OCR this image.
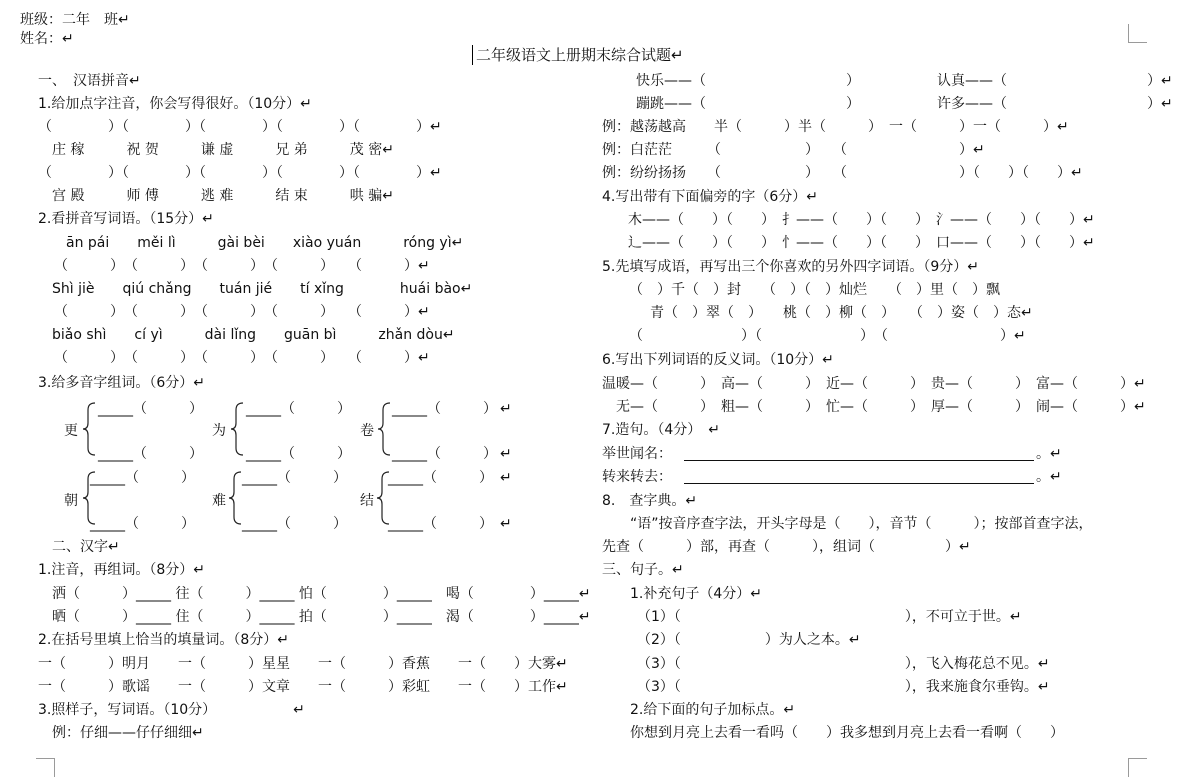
班级：二年　班↵
姓名：↵
二年级语文上册期末综合试题↵
一、　汉语拼音↵
1.给加点字注音，你会写得很好。（10分）↵
（　　　　）（　　　　）（　　　　）（　　　　）（　　　　）↵
　庄 稼　　　祝 贺　　　谦 虚　　　兄 弟　　　茂 密↵
（　　　　）（　　　　）（　　　　）（　　　　）（　　　　）↵
　宫 殿　　　师 傅　　　逃 难　　　结 束　　　哄 骗↵
2.看拼音写词语。（15分）↵
　　ān pái　　měi lì　　　gài bèi　　xiào yuán　　　róng yì↵
（　　　）　（　　　）　（　　　）　（　　　）　　（　　　）↵
　Shì jiè　　qiú chǎng　　tuán jié　　tí xǐng　　　　huái bào↵
（　　　）　（　　　）　（　　　）　（　　　）　　（　　　）↵
　biǎo shì　　cí yì　　　dài lǐng　　guān bì　　　zhǎn dòu↵
（　　　）　（　　　）　（　　　）　（　　　）　　（　　　）↵
3.给多音字组词。（6分）↵
更
_____（　　　）
_____（　　　）
为
_____（　　　）
_____（　　　）
卷
_____（　　　）
_____（　　　）
↵
↵
朝
_____（　　　）
_____（　　　）
难
_____（　　　）
_____（　　　）
结
_____（　　　）
_____（　　　）
↵
↵
　二、汉字↵
1.注音，再组词。（8分）↵
　洒（　　　）_____ 往（　　　）_____ 怕（　　　　）_____　喝（　　　　）_____↵
　晒（　　　）_____ 住（　　　）_____ 拍（　　　　）_____　渴（　　　　）_____↵
2.在括号里填上恰当的填量词。（8分）↵
一（　　　）明月　　一（　　　）星星　　一（　　　）香蕉　　一（　　）大雾↵
一（　　　）歌谣　　一（　　　）文章　　一（　　　）彩虹　　一（　　）工作↵
3.照样子，写词语。（10分）　　　　　　↵
　例：仔细——仔仔细细↵
快乐——（　　　　　　　　　　）　　　　　　认真——（　　　　　　　　　　）↵
蹦跳——（　　　　　　　　　　）　　　　　　许多——（　　　　　　　　　　）↵
例：越荡越高　　半（　　　）半（　　　）　一（　　　）一（　　　）↵
例：白茫茫　　　（　　　　　　）　　（　　　　　　　　）↵
例：纷纷扬扬　　（　　　　　　）　　（　　　　　　　　）（　　）（　　）↵
4.写出带有下面偏旁的字（6分）↵
　木——（　　）（　　）　扌——（　　）（　　）　氵——（　　）（　　）↵
　辶——（　　）（　　）　忄——（　　）（　　）　口——（　　）（　　）↵
5.先填写成语，再写出三个你喜欢的另外四字词语。（9分）↵
　（　）千（　）封　　（　）（　）灿烂　　（　）里（　）飘
　　青（　）翠（　）　　桃（　）柳（　）　　（　）姿（　）态↵
　（　　　　　　　）（　　　　　　　）　（　　　　　　　　）↵
6.写出下列词语的反义词。（10分）↵
温暖—（　　　）　高—（　　　）　近—（　　　）　贵—（　　　）　富—（　　　）↵
　无—（　　　）　粗—（　　　）　忙—（　　　）　厚—（　　　）　闹—（　　　）↵
7.造句。（4分）　↵
举世闻名：	。↵
转来转去：	。↵
8.　查字典。↵
　　“语”按音序查字法，开头字母是（　　），音节（　　　）；按部首查字法，
先查（　　　）部，再查（　　　），组词（　　　　　）↵
三、句子。↵
　　1.补充句子（4分）↵
　　　（1）（　　　　　　　　　　　　　　　　），不可立于世。↵
　　　（2）（　　　　　　）为人之本。↵
　　　（3）（　　　　　　　　　　　　　　　　），飞入梅花总不见。↵
　　　（3）（　　　　　　　　　　　　　　　　），我来施食尔垂钩。↵
　　2.给下面的句子加标点。↵
　　你想到月亮上去看一看吗（　　）我多想到月亮上去看一看啊（　　）
